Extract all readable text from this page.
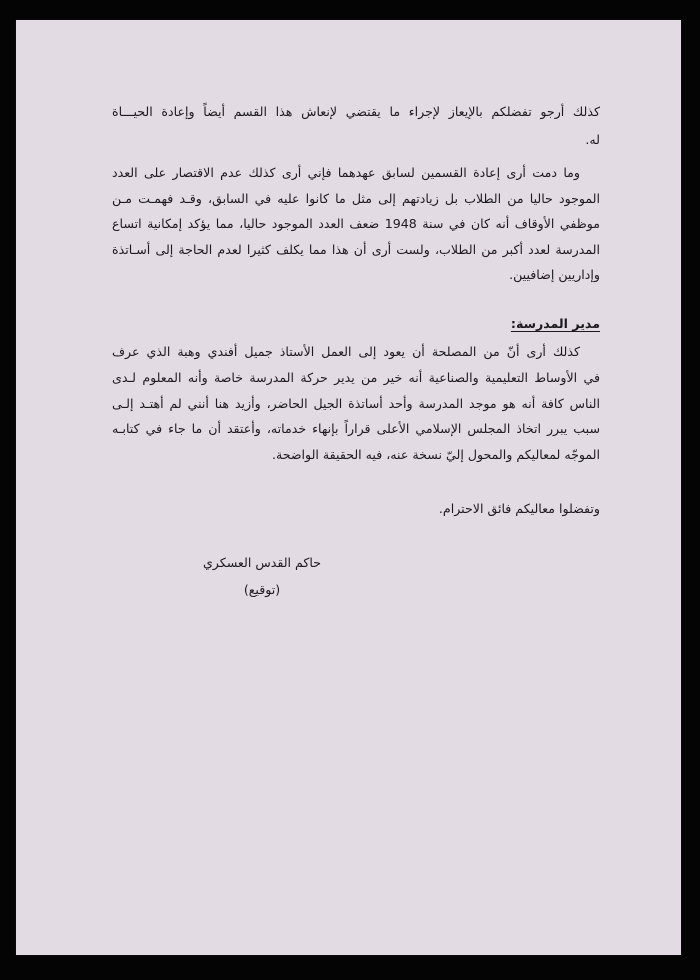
كذلك أرجو تفضلكم بالإيعاز لإجراء ما يقتضي لإنعاش هذا القسم أيضاً وإعادة الحيـــاة
له.
وما دمت أرى إعادة القسمين لسابق عهدهما فإني أرى كذلك عدم الاقتصار على العدد
الموجود حاليا من الطلاب بل زيادتهم إلى مثل ما كانوا عليه في السابق، وقـد فهمـت مـن
موظفي الأوقاف أنه كان في سنة 1948 ضعف العدد الموجود حاليا، مما يؤكد إمكانية اتساع
المدرسة لعدد أكبر من الطلاب، ولست أرى أن هذا مما يكلف كثيرا لعدم الحاجة إلى أسـاتذة
وإداريين إضافيين.
مدير المدرسة:
كذلك أرى أنّ من المصلحة أن يعود إلى العمل الأستاذ جميل أفندي وهبة الذي عرف
في الأوساط التعليمية والصناعية أنه خير من يدير حركة المدرسة خاصة وأنه المعلوم لـدى
الناس كافة أنه هو موجد المدرسة وأحد أساتذة الجيل الحاضر، وأزيد هنا أنني لم أهتـد إلـى
سبب يبرر اتخاذ المجلس الإسلامي الأعلى قراراً بإنهاء خدماته، وأعتقد أن ما جاء في كتابـه
الموجّه لمعاليكم والمحول إليّ نسخة عنه، فيه الحقيقة الواضحة.
وتفضلوا معاليكم فائق الاحترام.
حاكم القدس العسكري
(توقيع)
